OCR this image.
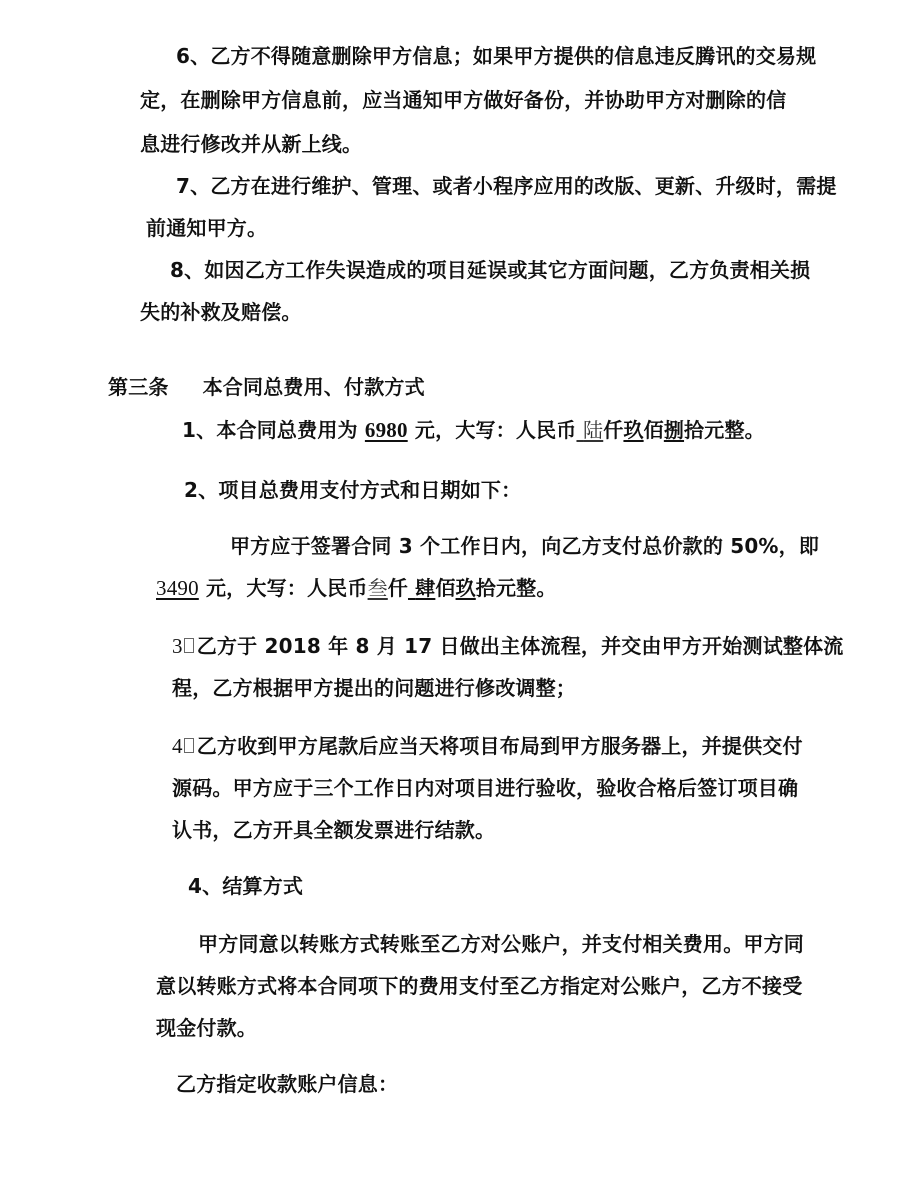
6、乙方不得随意删除甲方信息；如果甲方提供的信息违反腾讯的交易规
定，在删除甲方信息前，应当通知甲方做好备份，并协助甲方对删除的信
息进行修改并从新上线。
7、乙方在进行维护、管理、或者小程序应用的改版、更新、升级时，需提
前通知甲方。
8、如因乙方工作失误造成的项目延误或其它方面问题，乙方负责相关损
失的补救及赔偿。
第三条 本合同总费用、付款方式
1、本合同总费用为 6980 元，大写：人民币 陆仟玖佰捌拾元整。
2、项目总费用支付方式和日期如下：
甲方应于签署合同 3 个工作日内，向乙方支付总价款的 50%，即
3490 元，大写：人民币叁仟 肆佰玖拾元整。
3 乙方于 2018 年 8 月 17 日做出主体流程，并交由甲方开始测试整体流
程，乙方根据甲方提出的问题进行修改调整；
4 乙方收到甲方尾款后应当天将项目布局到甲方服务器上，并提供交付
源码。甲方应于三个工作日内对项目进行验收，验收合格后签订项目确
认书，乙方开具全额发票进行结款。
4、结算方式
甲方同意以转账方式转账至乙方对公账户，并支付相关费用。甲方同
意以转账方式将本合同项下的费用支付至乙方指定对公账户，乙方不接受
现金付款。
乙方指定收款账户信息：
